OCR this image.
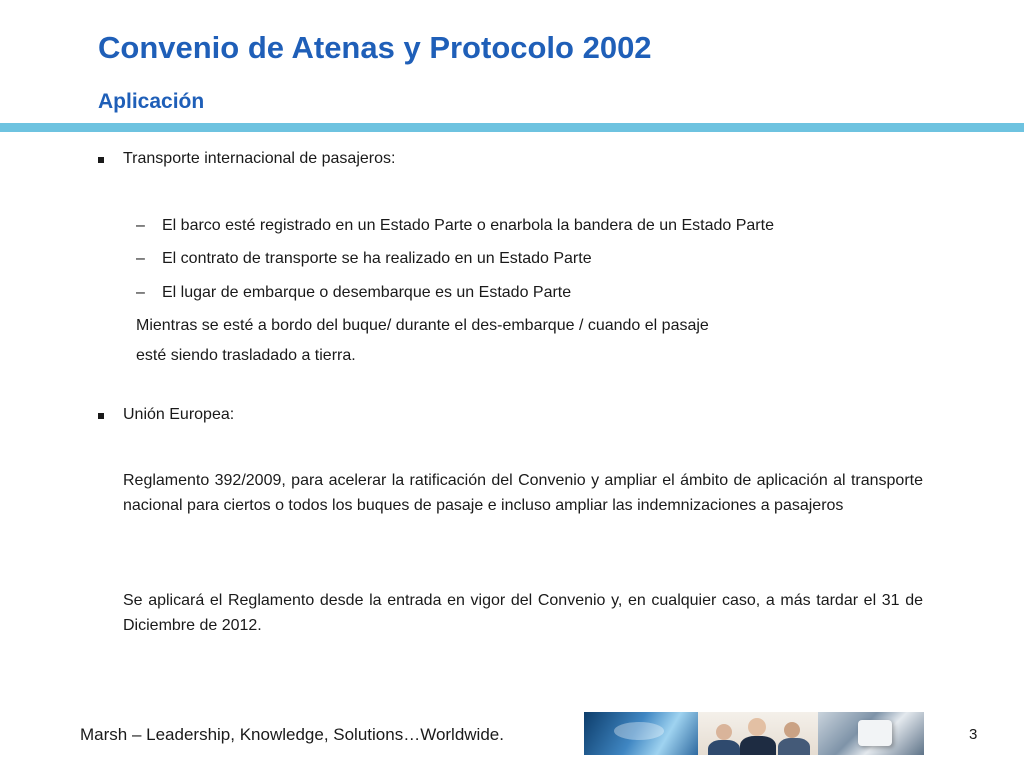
Convenio de Atenas y Protocolo 2002
Aplicación
Transporte internacional de pasajeros:
– El barco esté registrado en un Estado Parte o enarbola la bandera de un Estado Parte
– El contrato de transporte se ha realizado en un Estado Parte
– El lugar de embarque o desembarque es un Estado Parte
Mientras se esté a bordo del buque/ durante el des-embarque / cuando el pasaje
esté siendo trasladado a tierra.
Unión Europea:
Reglamento 392/2009, para acelerar la ratificación del Convenio y ampliar el ámbito de aplicación al transporte nacional para ciertos o todos los buques de pasaje e incluso ampliar las indemnizaciones a pasajeros
Se aplicará el Reglamento desde la entrada en vigor del Convenio y, en cualquier caso, a más tardar el 31 de Diciembre de 2012.
Marsh – Leadership, Knowledge, Solutions…Worldwide.	3
